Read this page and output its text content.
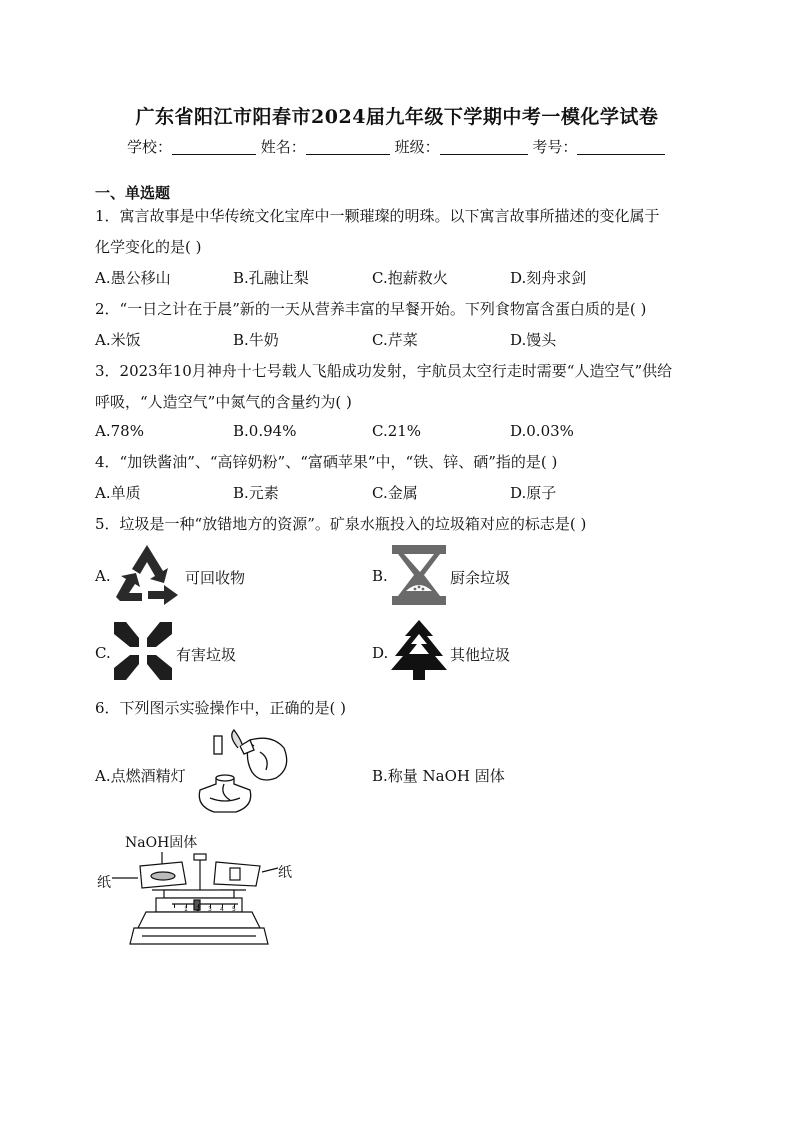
广东省阳江市阳春市2024届九年级下学期中考一模化学试卷
学校：	姓名：	班级：	考号：
一、单选题
1．寓言故事是中华传统文化宝库中一颗璀璨的明珠。以下寓言故事所描述的变化属于
化学变化的是( )
A.愚公移山	B.孔融让梨	C.抱薪救火	D.刻舟求剑
2．“一日之计在于晨”新的一天从营养丰富的早餐开始。下列食物富含蛋白质的是( )
A.米饭	B.牛奶	C.芹菜	D.馒头
3．2023年10月神舟十七号载人飞船成功发射，宇航员太空行走时需要“人造空气”供给
呼吸，“人造空气”中氮气的含量约为( )
A.78%	B.0.94%	C.21%	D.0.03%
4．“加铁酱油”、“高锌奶粉”、“富硒苹果”中，“铁、锌、硒”指的是( )
A.单质	B.元素	C.金属	D.原子
5．垃圾是一种“放错地方的资源”。矿泉水瓶投入的垃圾箱对应的标志是( )
A.	可回收物	B.	厨余垃圾
C.	有害垃圾	D.	其他垃圾
6．下列图示实验操作中，正确的是( )
A.点燃酒精灯	B.称量 NaOH 固体
NaOH固体
纸
纸
1 2 3 4 5
